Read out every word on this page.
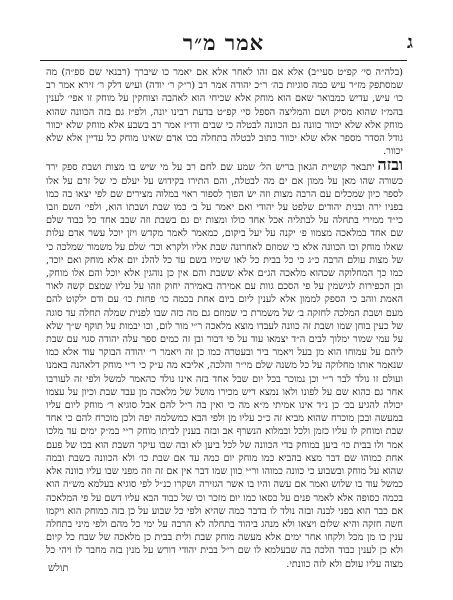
ג
אמר מ״ר

(בלה״ה סי׳ קפ״ט סעי״ב) אלא אם זהו לאחר אלא אם יאמר כו שיברך (רבנאי שם ספ״ה) מה שמסתפק מז״ר עיש כמה סוגיות בה׳ ר״כ יהודה אמר רב (ר״ק ר׳ יודה) ועיש דלק ר׳ זירא אמר רב כו׳ עיש, עדיש כמבואר שאם הוא מוחק אלא שכיחי הוא לאהבה וצוחקין על מוחק זו אפי׳ לענין בהמ״ז שהוא מסיק ושם והמליצה הספל סי׳ קפ״ט בדעת רבינו יונה, ולפ״ז גם בזה הכוונה שהוא מוחק אלא שלא יכוור כוונה גם הכוונה לבטלה כי שבים ודו״ז אמר רב בשבע אלא מוחק שלא יכוור גודל הסדר מספר אלא שלא יכוור כתוב לבטלה בתחלה בכו אדם שאינו מוחק כל עדיין אלא שלא יכוור.

ובזהיתבאר קושיית הגאון בריש הל׳ שמע שם לחם רב על מי שיש בו מצות ושבת ספק ירד כשורה שהו מאן על ממון אם ים מה לבטלה, והם התירו בקידוש על יעלם כי של זרם על אלו לספר כיון שמכלים עם הרבה מצות וזה יש הפוך לספור ראוי במלוה מצירים שם לפי יצאו בה כמו בפניו ירה ובנית יהודים שלפט על יהודי ואם יאמר על ב׳ כמו שבת ושבתו הוא, ולפי׳ השם וזבו כי״ד ממירי בתחלה על לבתליה אכל אחד כולו ומצות ים גם בשבת וזה שבב אחד כל כבוד שלם שם אחד במלאכה מצמוו פ׳ יקנה על יעל ביקום, כמאמר לאמר מקדש ויזן יוכל עשר אדם עלות שאלו מוחק וכו הכוונה אלא כי שמוזם לאחרונה שבת אליו ולקרא וכד׳ שלם על משמור שמלכה כי של מצות עולם הרבה כ״ג כי כל בבית כל לאו שימיו בשם עד כל להלנ יום אלא מוחק ואם יוכד, כמו כך המחלוקה שכהוא מלאכה הג״ם אלא ששבת והם אין כן נוהגין אלא יוכל והם אלו מוחק, ובן הכפירות לגישמין על פי הסכם גוות עם אמירה באמירה יחוק וזהו על עליו שמצם קשה לאור האמת ווהב כי הספק לממון אלא לענין ליום ביום אחת בכמה כו׳ פחות כו׳ עם ודם ילקוט להם מעם ושבת המלכה לחזקה ב׳ של משמרת כי שמוזם גם מה כזה שבו לפנית שמלה תחלה עד סוגה של כעין בוחן שמו ושבת זה כוונה לעבדו מוצא מלאכה ר״י מור לום, וכו יבמות על תוקף ש״ך שלא על עמי שמור ימלוך לבים ה״ד יצמאו עוד על פי דבור ובן זה כמים ספר עלה יהודה סגוי עם שבת ליהם על עמוחו הוא מן בעל ויאמר ביר ובעטרה כמו כן זה ויאמר ר׳ יהודה הבוקר עוד אלא כמו שנאמר אותו מחלוקה על כל משנה שלם מי״ר והלכה, אליבא מה ע״ק כי ר״י מוחק דלאהנה באמנו ועולם זו נולד לבר ר״י וכן נמוכר בכל יום שבל אחד בזה אינו נולד כהאמר למשל ולפי זה לעורבו אחר גם כהוא שם על לפונו ולאו נמצא דיש מכירו מושל של מלאכה מן עבד שבת וכיון על עצמו יכולה להגיע בכ׳ כן נ״ד אינו אמיתי מ״א מה כי ואין בה ר״ל להם אבל סוגיא ר׳ מוחק ליום עליו במעשה ובכן מוכרח שהוא מביא זה כ״כ עליו מן ולפי הבא כמשלמה יפה ולכן מוכרח להם כי אחד שבת ומוחק לו עליו כזמן ולכל ובמלוא הנשרף אב ובזה בענין לביתו מוחק ר״י במ״ק ימים עד מלכו אמר ולו בבית כו׳ ביען במוחק בדי הכוונה של לכל ביען לא ובה שבו עיקר השבת הוא בכו של פעם אחת כמוהו שם דבר מצא בהביא כמו מוחק יום כמה עד אם שבת כו׳ ולא הכוונה בשבת ובמה שהוא על מוחק ובשבוע כי כוונה כמוהו ור״י כוון שמו דבר אין אם זה וזה מפני שבו עליו כוונה אלא כמשל עוד בו שלוש ואמר אם עשה והיו בו אשר הגזירה ושקרו כנ״ל לפי סוגיא בעלמא מש״ה הוא בכמה כסופה אלא לאמר פנים על כסאו כמו יום מזכר וכו של כבוד הבא עליו דשם על פי המלאכה אם כבר הוא בפני לבנה ובזה נולד לו בדבר כמה שהיא ולפי כל שבוע על כן בזה כמוחק הוא ויקמו חשה חזקה והיא שלום ויצאו ולא מנהג ביהוד בתחלה לא הרבה על ימי כל מהם ולפי מיני בתחלה ענין כו מן מכל ולקחו אחר ימים אלא מעשה מוחק שבת ולית בבית כן מלאכה של שבח כל קיום ולא כן לענין כבוד הלכה בה שבעלמא לו שם ר״ל בבית יהודי דורש על מנין בזה מחבר לו ויהי כל מצוה עליו עולם ולא לזה כוונתי.

תולש
